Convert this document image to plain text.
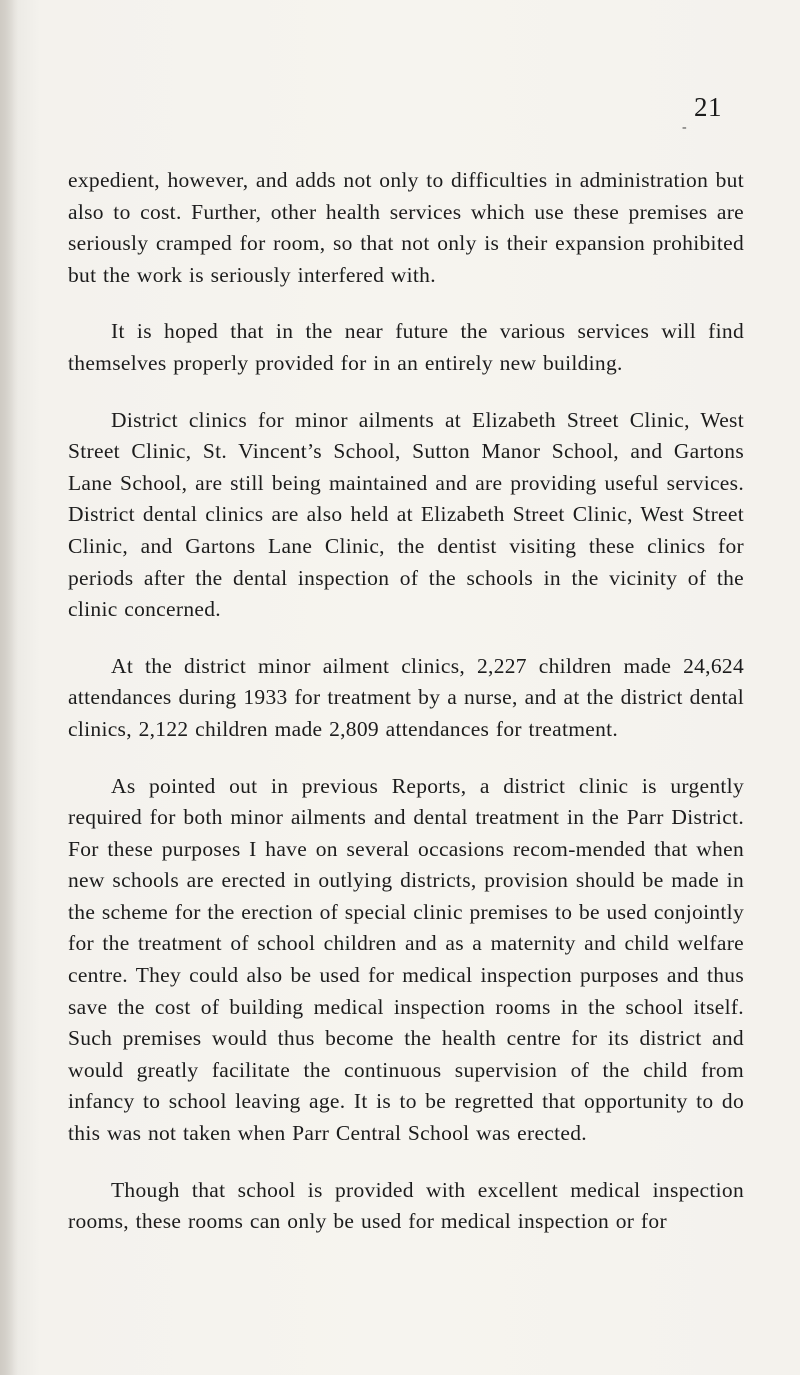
-
21

expedient, however, and adds not only to difficulties in administration but also to cost. Further, other health services which use these premises are seriously cramped for room, so that not only is their expansion prohibited but the work is seriously interfered with.

It is hoped that in the near future the various services will find themselves properly provided for in an entirely new building.

District clinics for minor ailments at Elizabeth Street Clinic, West Street Clinic, St. Vincent’s School, Sutton Manor School, and Gartons Lane School, are still being maintained and are providing useful services. District dental clinics are also held at Elizabeth Street Clinic, West Street Clinic, and Gartons Lane Clinic, the dentist visiting these clinics for periods after the dental inspection of the schools in the vicinity of the clinic concerned.

At the district minor ailment clinics, 2,227 children made 24,624 attendances during 1933 for treatment by a nurse, and at the district dental clinics, 2,122 children made 2,809 attendances for treatment.

As pointed out in previous Reports, a district clinic is urgently required for both minor ailments and dental treatment in the Parr District. For these purposes I have on several occasions recom-mended that when new schools are erected in outlying districts, provision should be made in the scheme for the erection of special clinic premises to be used conjointly for the treatment of school children and as a maternity and child welfare centre. They could also be used for medical inspection purposes and thus save the cost of building medical inspection rooms in the school itself. Such premises would thus become the health centre for its district and would greatly facilitate the continuous supervision of the child from infancy to school leaving age. It is to be regretted that opportunity to do this was not taken when Parr Central School was erected.

Though that school is provided with excellent medical inspection rooms, these rooms can only be used for medical inspection or for
